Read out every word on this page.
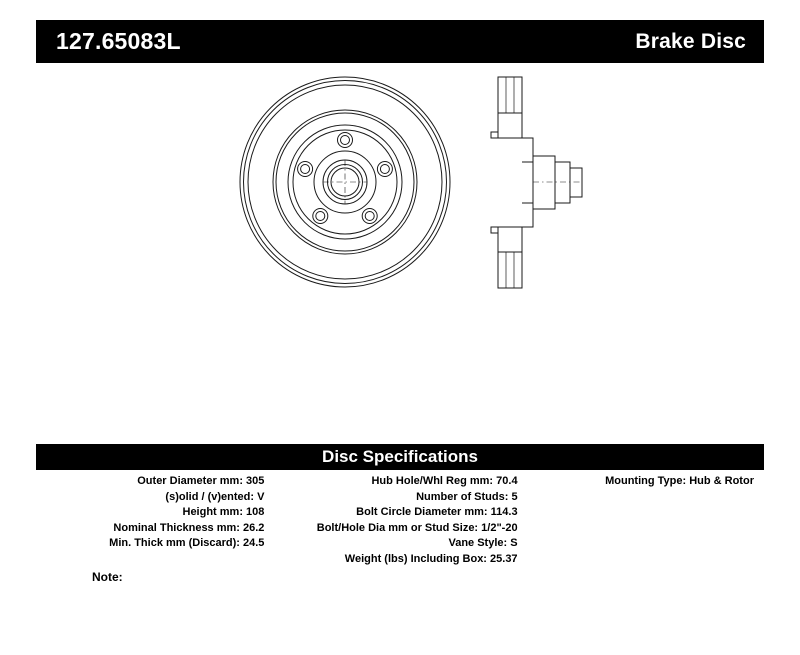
127.65083L	Brake Disc
Disc Specifications
Outer Diameter mm: 305
(s)olid / (v)ented: V
Height mm: 108
Nominal Thickness mm: 26.2
Min. Thick mm (Discard): 24.5
Hub Hole/Whl Reg mm: 70.4
Number of Studs: 5
Bolt Circle Diameter mm: 114.3
Bolt/Hole Dia mm or Stud Size: 1/2"-20
Vane Style: S
Weight (lbs) Including Box: 25.37
Mounting Type: Hub & Rotor
Note:
